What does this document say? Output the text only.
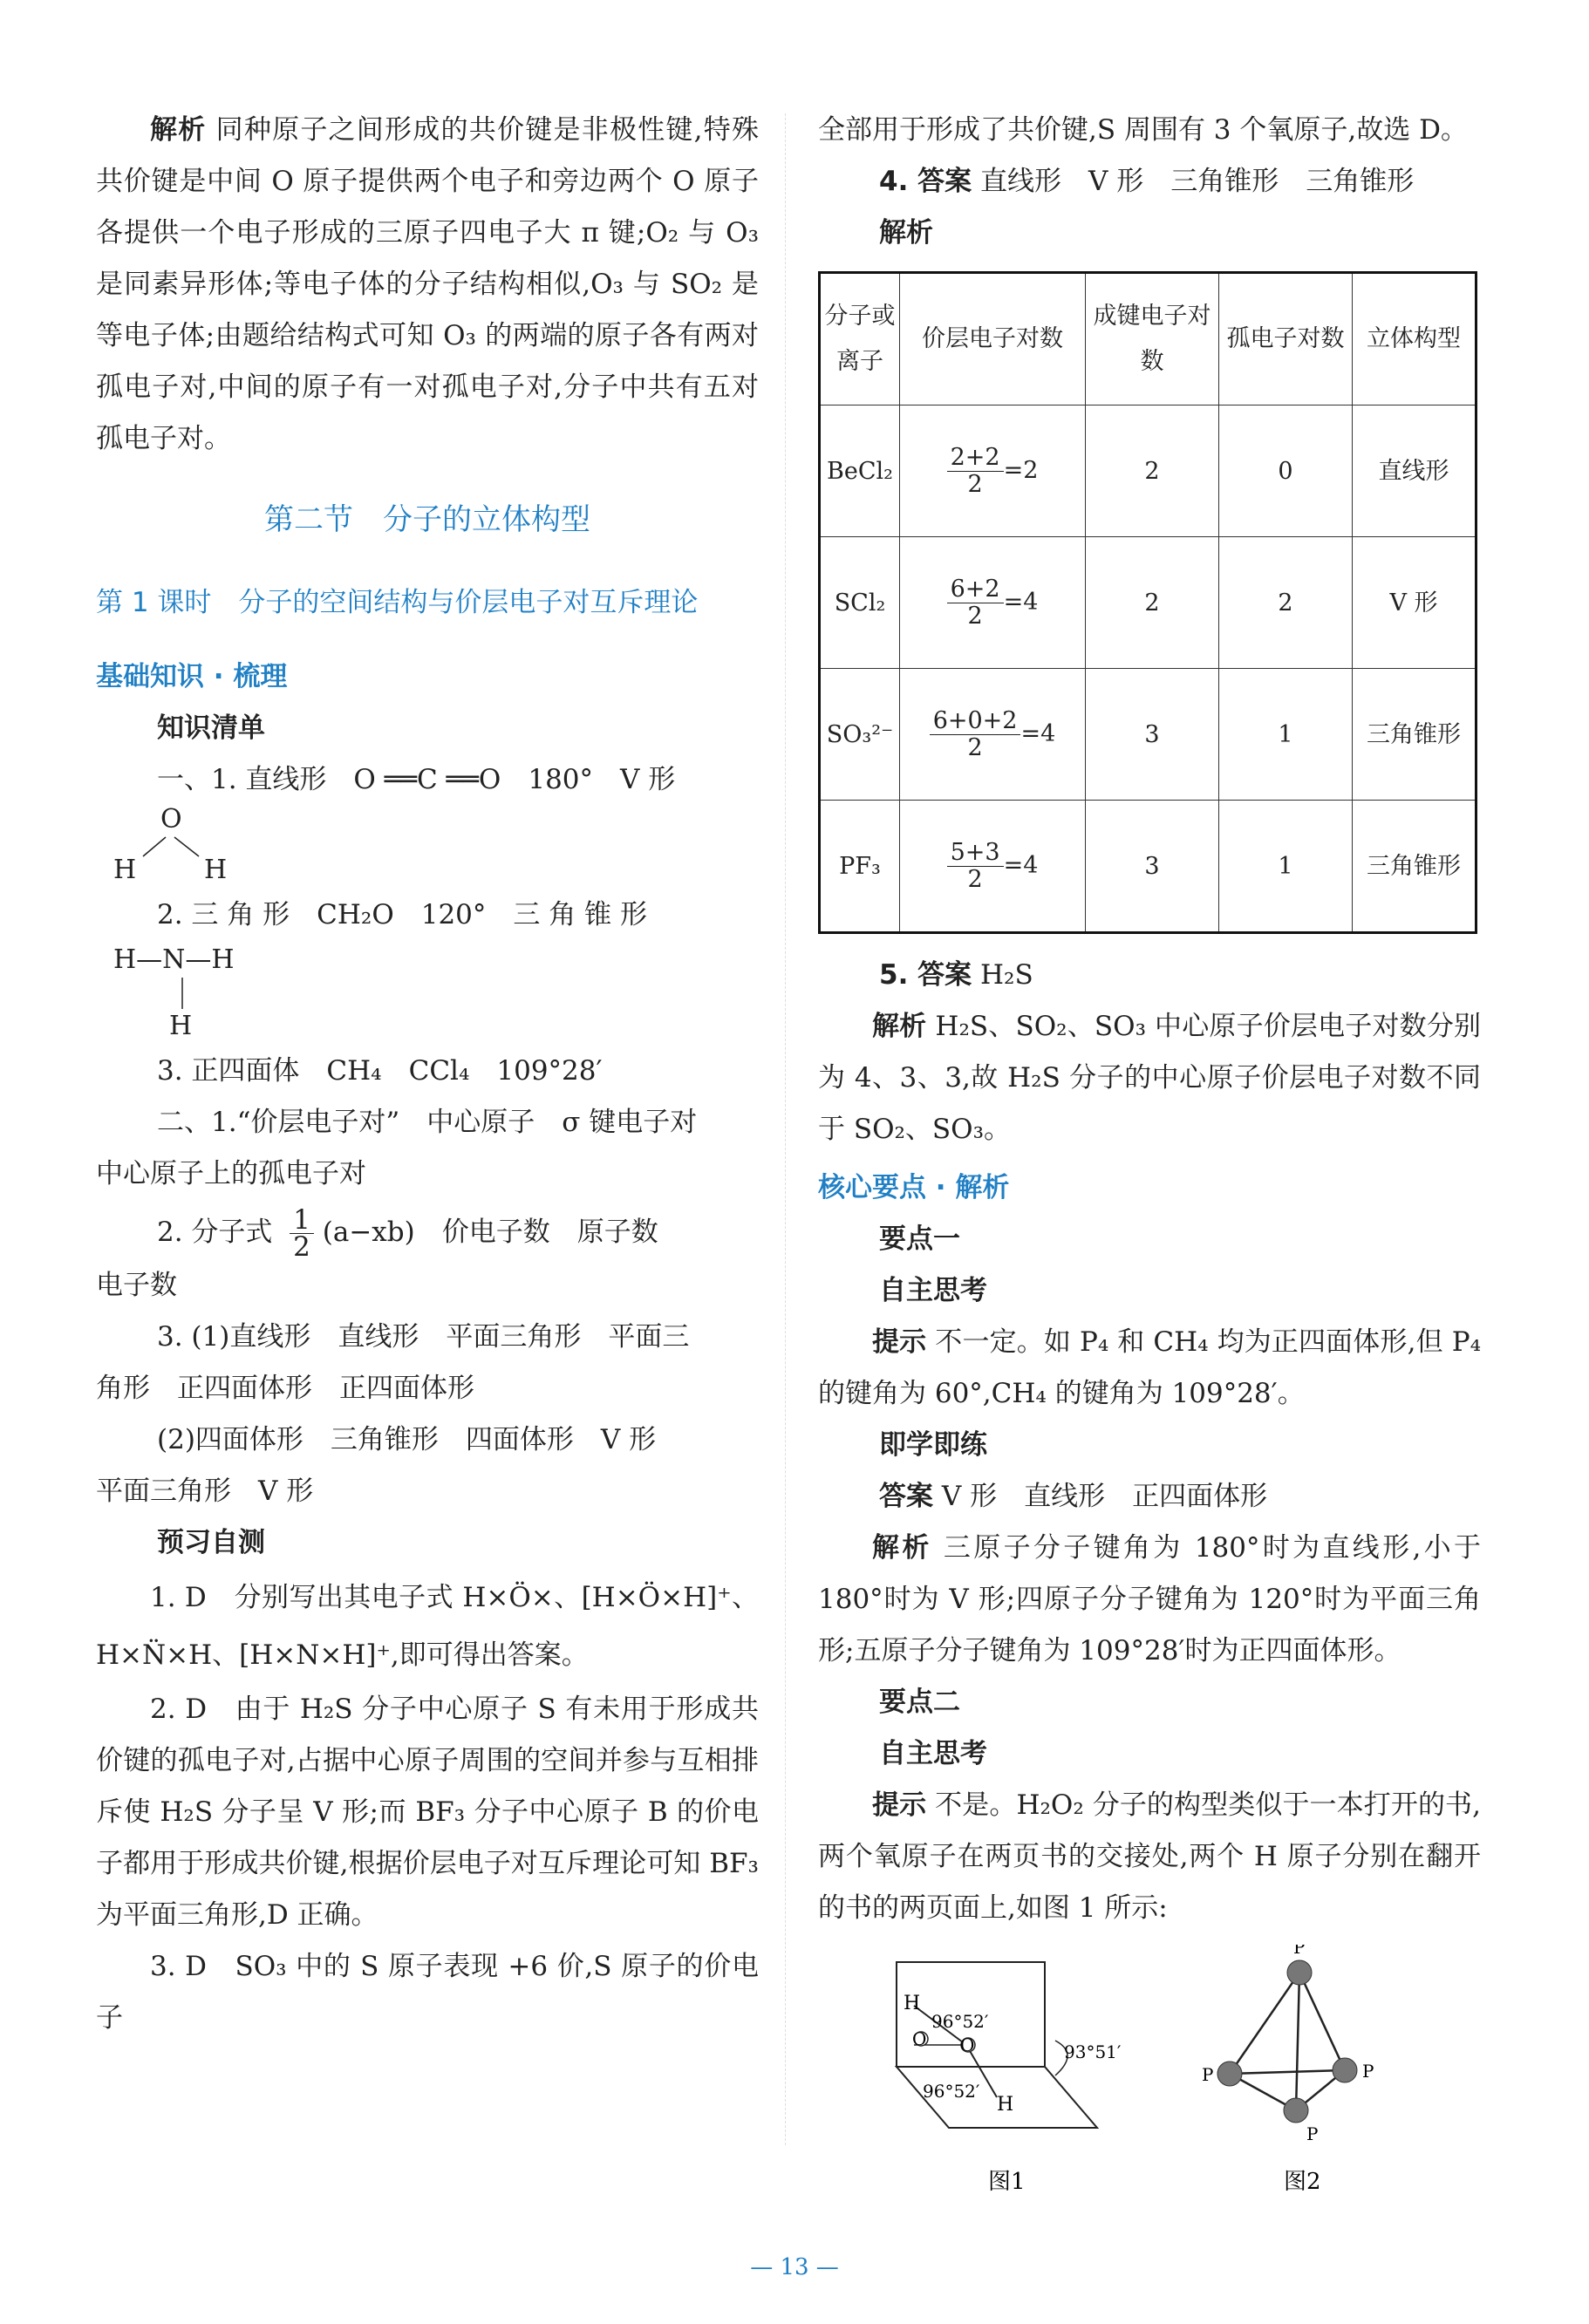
解析 同种原子之间形成的共价键是非极性键,特殊共价键是中间 O 原子提供两个电子和旁边两个 O 原子各提供一个电子形成的三原子四电子大 π 键;O₂ 与 O₃ 是同素异形体;等电子体的分子结构相似,O₃ 与 SO₂ 是等电子体;由题给结构式可知 O₃ 的两端的原子各有两对孤电子对,中间的原子有一对孤电子对,分子中共有五对孤电子对。

第二节　分子的立体构型
第 1 课时　分子的空间结构与价层电子对互斥理论
基础知识 · 梳理

知识清单

一、1. 直线形　O ══C ══O　180°　V 形

O
H	H

2. 三 角 形　CH₂O　120°　三 角 锥 形

H—N—H
H

3. 正四面体　CH₄　CCl₄　109°28′

二、1.“价层电子对”　中心原子　σ 键电子对

中心原子上的孤电子对

2. 分子式 $\frac{1}{2} (a-xb)$　价电子数　原子数

电子数

3. (1)直线形　直线形　平面三角形　平面三

角形　正四面体形　正四面体形

(2)四面体形　三角锥形　四面体形　V 形

平面三角形　V 形

预习自测

1. D　分别写出其电子式 H×Ö×、[H×Ö×H]⁺、H×N̈×H、[H×N×H]⁺,即可得出答案。

2. D　由于 H₂S 分子中心原子 S 有未用于形成共价键的孤电子对,占据中心原子周围的空间并参与互相排斥使 H₂S 分子呈 V 形;而 BF₃ 分子中心原子 B 的价电子都用于形成共价键,根据价层电子对互斥理论可知 BF₃ 为平面三角形,D 正确。

3. D　SO₃ 中的 S 原子表现 +6 价,S 原子的价电子

全部用于形成了共价键,S 周围有 3 个氧原子,故选 D。

4. 答案 直线形　V 形　三角锥形　三角锥形

解析

分子或离子	价层电子对数	成键电子对数	孤电子对数	立体构型
BeCl₂	$\frac{2+2}{2} =2$	2	0	直线形
SCl₂	$\frac{6+2}{2} =4$	2	2	V 形
SO₃²⁻	$\frac{6+0+2}{2} =4$	3	1	三角锥形
PF₃	$\frac{5+3}{2} =4$	3	1	三角锥形

5. 答案 H₂S

解析 H₂S、SO₂、SO₃ 中心原子价层电子对数分别为 4、3、3,故 H₂S 分子的中心原子价层电子对数不同于 SO₂、SO₃。

核心要点 · 解析

要点一

自主思考

提示 不一定。如 P₄ 和 CH₄ 均为正四面体形,但 P₄ 的键角为 60°,CH₄ 的键角为 109°28′。

即学即练

答案 V 形　直线形　正四面体形

解析 三原子分子键角为 180°时为直线形,小于 180°时为 V 形;四原子分子键角为 120°时为平面三角形;五原子分子键角为 109°28′时为正四面体形。

要点二

自主思考

提示 不是。H₂O₂ 分子的构型类似于一本打开的书,两个氧原子在两页书的交接处,两个 H 原子分别在翻开的书的两页面上,如图 1 所示:

H
96°52′
O O	93°51′
96°52′
H
图1
P
P	P
P
图2
— 13 —
